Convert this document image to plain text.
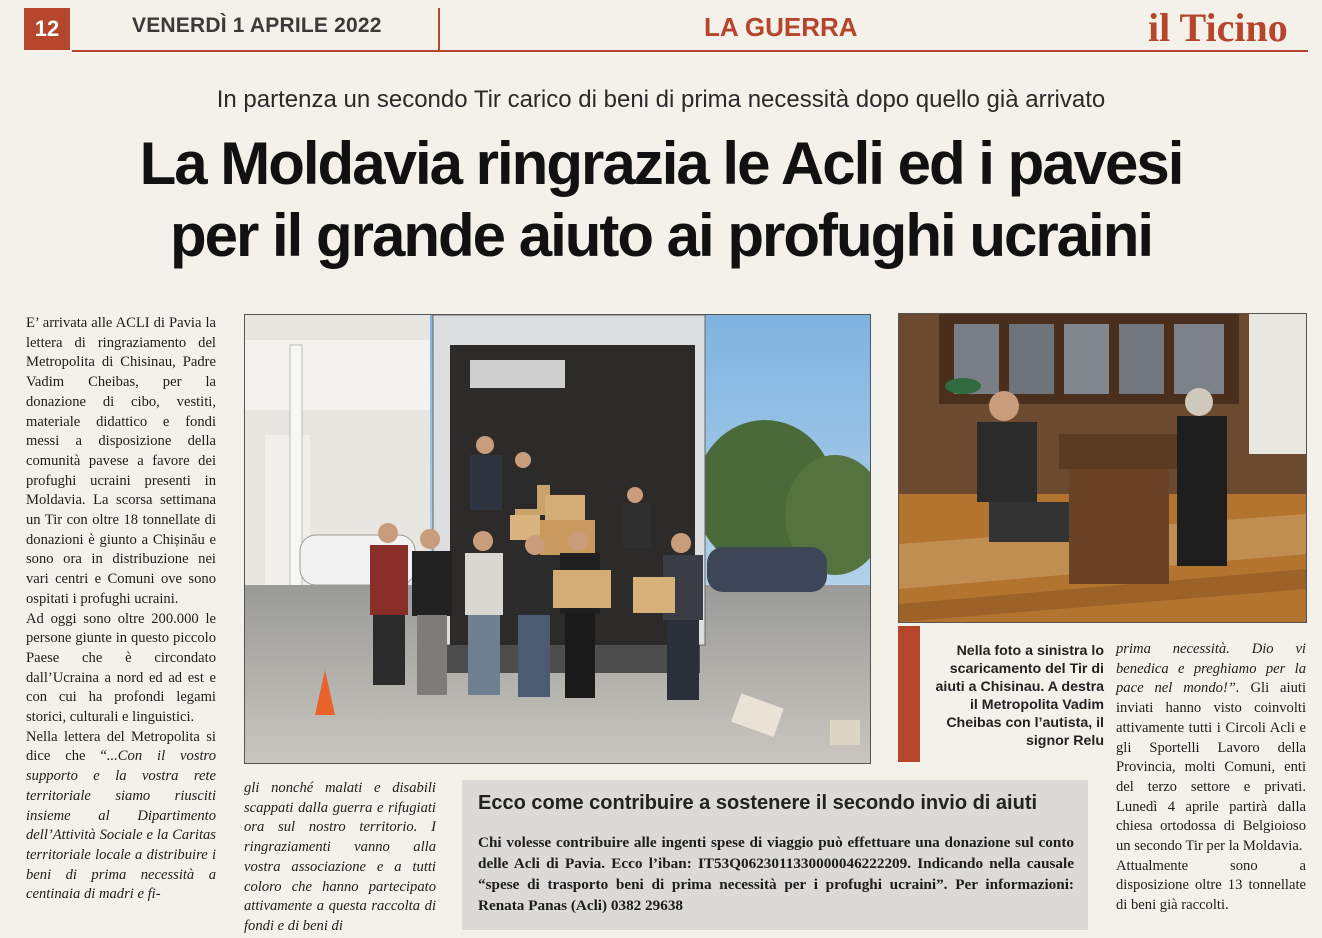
12	VENERDÌ 1 APRILE 2022	LA GUERRA	il Ticino
In partenza un secondo Tir carico di beni di prima necessità dopo quello già arrivato
La Moldavia ringrazia le Acli ed i pavesi
per il grande aiuto ai profughi ucraini

E’ arrivata alle ACLI di Pavia la lettera di ringraziamento del Metropolita di Chisinau, Padre Vadim Cheibas, per la donazione di cibo, vestiti, materiale didattico e fondi messi a disposizione della comunità pavese a favore dei profughi ucraini presenti in Moldavia. La scorsa settimana un Tir con oltre 18 tonnellate di donazioni è giunto a Chișinău e sono ora in distribuzione nei vari centri e Comuni ove sono ospitati i profughi ucraini.

Ad oggi sono oltre 200.000 le persone giunte in questo piccolo Paese che è circondato dall’Ucraina a nord ed ad est e con cui ha profondi legami storici, culturali e linguistici.

Nella lettera del Metropolita si dice che “...Con il vostro supporto e la vostra rete territoriale siamo riusciti insieme al Dipartimento dell’Attività Sociale e la Caritas territoriale locale a distribuire i beni di prima necessità a centinaia di madri e fi-

Nella foto a sinistra lo scaricamento del Tir di aiuti a Chisinau. A destra il Metropolita Vadim Cheibas con l’autista, il signor Relu

gli nonché malati e disabili scappati dalla guerra e rifugiati ora sul nostro territorio. I ringraziamenti vanno alla vostra associazione e a tutti coloro che hanno partecipato attivamente a questa raccolta di fondi e di beni di

Ecco come contribuire a sostenere il secondo invio di aiuti
Chi volesse contribuire alle ingenti spese di viaggio può effettuare una donazione sul conto delle Acli di Pavia. Ecco l’iban: IT53Q0623011330000046222209. Indicando nella causale “spese di trasporto beni di prima necessità per i profughi ucraini”. Per informazioni: Renata Panas (Acli) 0382 29638

prima necessità. Dio vi benedica e preghiamo per la pace nel mondo!”. Gli aiuti inviati hanno visto coinvolti attivamente tutti i Circoli Acli e gli Sportelli Lavoro della Provincia, molti Comuni, enti del terzo settore e privati. Lunedì 4 aprile partirà dalla chiesa ortodossa di Belgioioso un secondo Tir per la Moldavia.

Attualmente sono a disposizione oltre 13 tonnellate di beni già raccolti.
